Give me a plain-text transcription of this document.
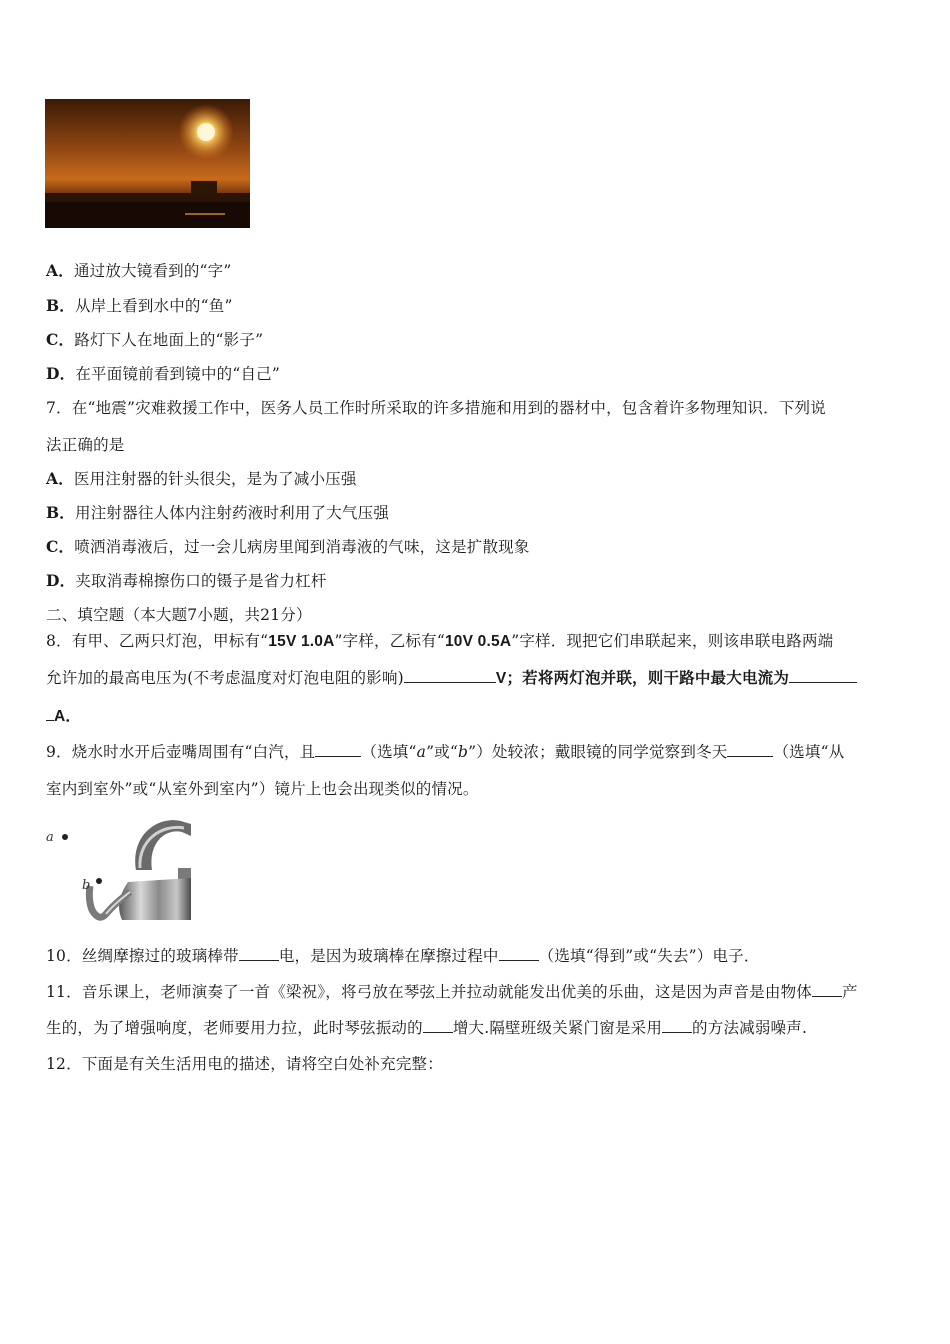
A．通过放大镜看到的“字”
B．从岸上看到水中的“鱼”
C．路灯下人在地面上的“影子”
D．在平面镜前看到镜中的“自己”
7．在“地震”灾难救援工作中，医务人员工作时所采取的许多措施和用到的器材中，包含着许多物理知识．下列说
法正确的是
A．医用注射器的针头很尖，是为了减小压强
B．用注射器往人体内注射药液时利用了大气压强
C．喷洒消毒液后，过一会儿病房里闻到消毒液的气味，这是扩散现象
D．夹取消毒棉擦伤口的镊子是省力杠杆
二、填空题（本大题7小题，共21分）
8．有甲、乙两只灯泡，甲标有“15V 1.0A”字样，乙标有“10V 0.5A”字样．现把它们串联起来，则该串联电路两端
允许加的最高电压为(不考虑温度对灯泡电阻的影响)	V；若将两灯泡并联，则干路中最大电流为
A．
9．烧水时水开后壶嘴周围有“白汽，且	（选填“a”或“b”）处较浓；戴眼镜的同学觉察到冬天	（选填“从
室内到室外”或“从室外到室内”）镜片上也会出现类似的情况。
a
b
10．丝绸摩擦过的玻璃棒带	电，是因为玻璃棒在摩擦过程中	（选填“得到”或“失去”）电子．
11．音乐课上，老师演奏了一首《梁祝》，将弓放在琴弦上并拉动就能发出优美的乐曲，这是因为声音是由物体 产
生的，为了增强响度，老师要用力拉，此时琴弦振动的 增大.隔壁班级关紧门窗是采用 的方法减弱噪声.
12．下面是有关生活用电的描述，请将空白处补充完整：
